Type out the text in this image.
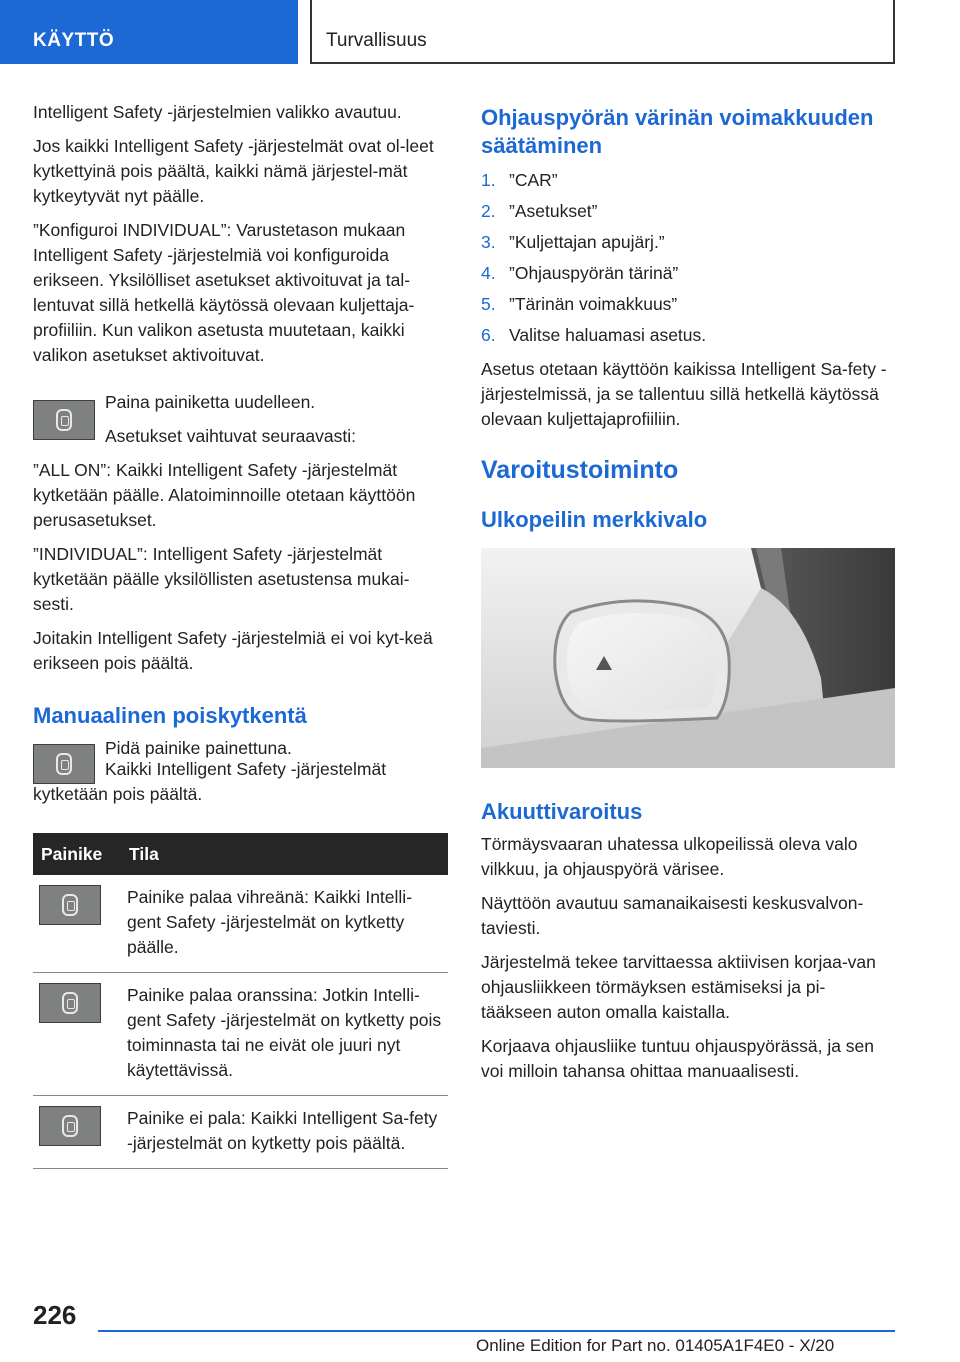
KÄYTTÖ	Turvallisuus

Intelligent Safety -järjestelmien valikko avautuu.

Jos kaikki Intelligent Safety -järjestelmät ovat ol-leet kytkettyinä pois päältä, kaikki nämä järjestel-mät kytkeytyvät nyt päälle.

”Konfiguroi INDIVIDUAL”: Varustetason mukaan Intelligent Safety -järjestelmiä voi konfiguroida erikseen. Yksilölliset asetukset aktivoituvat ja tal-lentuvat sillä hetkellä käytössä olevaan kuljettaja-profiiliin. Kun valikon asetusta muutetaan, kaikki valikon asetukset aktivoituvat.

Paina painiketta uudelleen.

Asetukset vaihtuvat seuraavasti:

”ALL ON”: Kaikki Intelligent Safety -järjestelmät kytketään päälle. Alatoiminnoille otetaan käyttöön perusasetukset.

”INDIVIDUAL”: Intelligent Safety -järjestelmät kytketään päälle yksilöllisten asetustensa mukai-sesti.

Joitakin Intelligent Safety -järjestelmiä ei voi kyt-keä erikseen pois päältä.

Manuaalinen poiskytkentä

Pidä painike painettuna.

Kaikki Intelligent Safety -järjestelmät kytketään pois päältä.

Painike	Tila

	Painike palaa vihreänä: Kaikki Intelli-gent Safety -järjestelmät on kytketty päälle.

	Painike palaa oranssina: Jotkin Intelli-gent Safety -järjestelmät on kytketty pois toiminnasta tai ne eivät ole juuri nyt käytettävissä.

	Painike ei pala: Kaikki Intelligent Sa-fety -järjestelmät on kytketty pois päältä.
Ohjauspyörän värinän voimakkuuden säätäminen
1. ”CAR”
2. ”Asetukset”
3. ”Kuljettajan apujärj.”
4. ”Ohjauspyörän tärinä”
5. ”Tärinän voimakkuus”
6. Valitse haluamasi asetus.

Asetus otetaan käyttöön kaikissa Intelligent Sa-fety -järjestelmissä, ja se tallentuu sillä hetkellä käytössä olevaan kuljettajaprofiiliin.

Varoitustoiminto
Ulkopeilin merkkivalo
Akuuttivaroitus

Törmäysvaaran uhatessa ulkopeilissä oleva valo vilkkuu, ja ohjauspyörä värisee.

Näyttöön avautuu samanaikaisesti keskusvalvon-taviesti.

Järjestelmä tekee tarvittaessa aktiivisen korjaa-van ohjausliikkeen törmäyksen estämiseksi ja pi-tääkseen auton omalla kaistalla.

Korjaava ohjausliike tuntuu ohjauspyörässä, ja sen voi milloin tahansa ohittaa manuaalisesti.

226
Online Edition for Part no. 01405A1F4E0 - X/20
